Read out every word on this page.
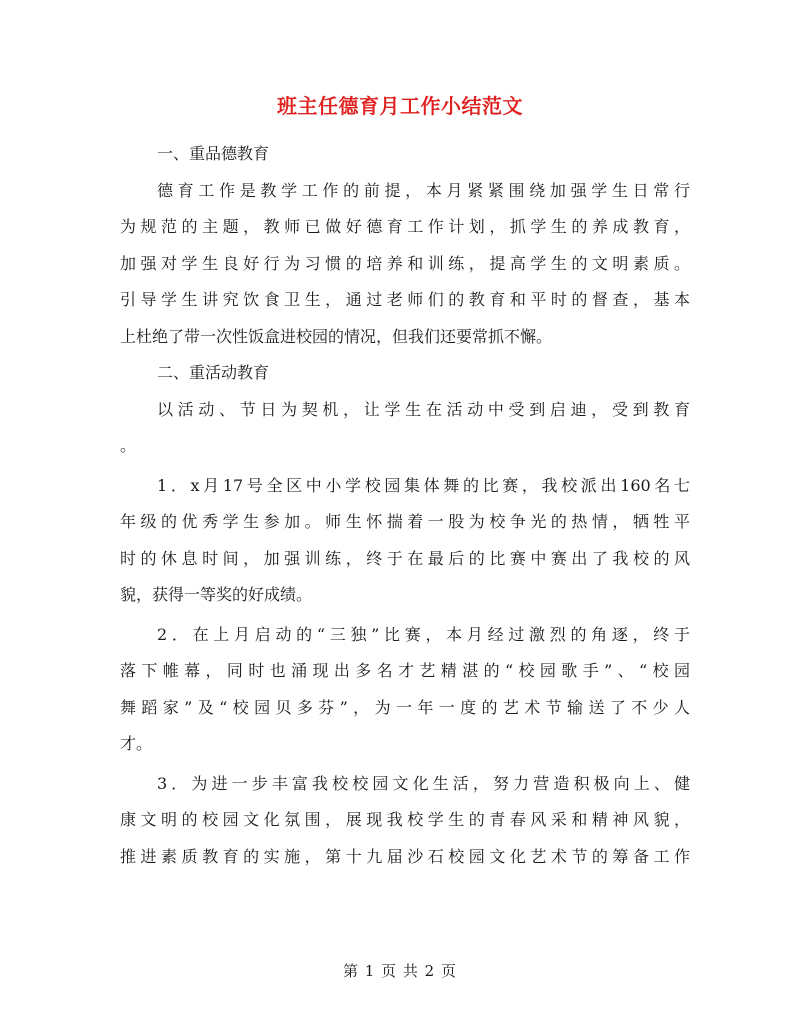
班主任德育月工作小结范文
一、重品德教育
德育工作是教学工作的前提，本月紧紧围绕加强学生日常行
为规范的主题，教师已做好德育工作计划，抓学生的养成教育，
加强对学生良好行为习惯的培养和训练，提高学生的文明素质。
引导学生讲究饮食卫生，通过老师们的教育和平时的督查，基本
上杜绝了带一次性饭盒进校园的情况，但我们还要常抓不懈。
二、重活动教育
以活动、节日为契机，让学生在活动中受到启迪，受到教育
。
1．x月17号全区中小学校园集体舞的比赛，我校派出160名七
年级的优秀学生参加。师生怀揣着一股为校争光的热情，牺牲平
时的休息时间，加强训练，终于在最后的比赛中赛出了我校的风
貌，获得一等奖的好成绩。
2．在上月启动的“三独”比赛，本月经过激烈的角逐，终于
落下帷幕，同时也涌现出多名才艺精湛的“校园歌手”、“校园
舞蹈家”及“校园贝多芬”，为一年一度的艺术节输送了不少人
才。
3．为进一步丰富我校校园文化生活，努力营造积极向上、健
康文明的校园文化氛围，展现我校学生的青春风采和精神风貌，
推进素质教育的实施，第十九届沙石校园文化艺术节的筹备工作
第 1 页 共 2 页
